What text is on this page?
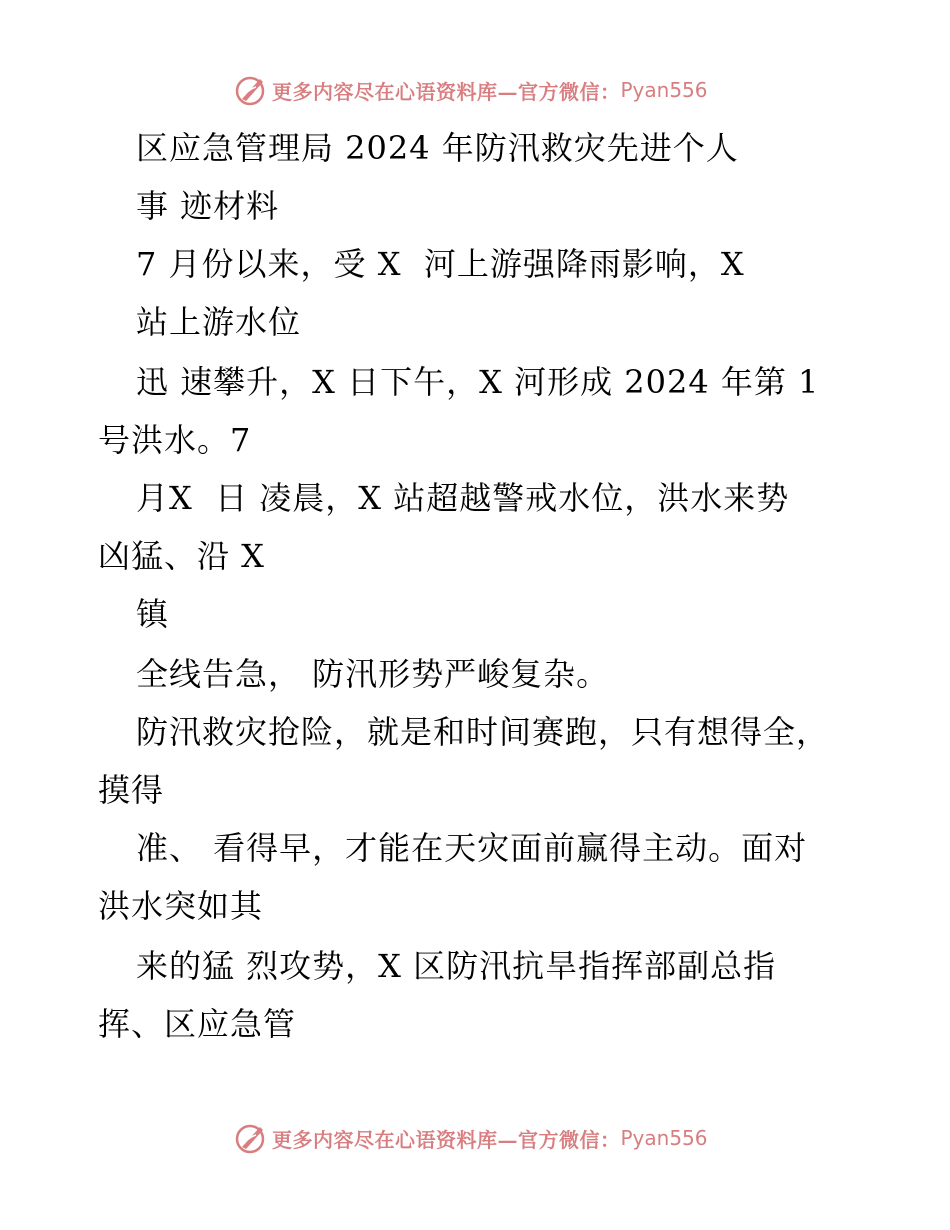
更多内容尽在心语资料库—官方微信： Pyan556
区应急管理局 2024 年防汛救灾先进个人
事 迹材料
7 月份以来，受 X  河上游强降雨影响，X
站上游水位
迅 速攀升，X 日下午，X 河形成 2024 年第 1
号洪水。7
月X  日 凌晨，X 站超越警戒水位，洪水来势
凶猛、沿 X
镇
全线告急， 防汛形势严峻复杂。
防汛救灾抢险，就是和时间赛跑，只有想得全，
摸得
准、 看得早，才能在天灾面前赢得主动。面对
洪水突如其
来的猛 烈攻势，X 区防汛抗旱指挥部副总指
挥、区应急管
更多内容尽在心语资料库—官方微信： Pyan556
